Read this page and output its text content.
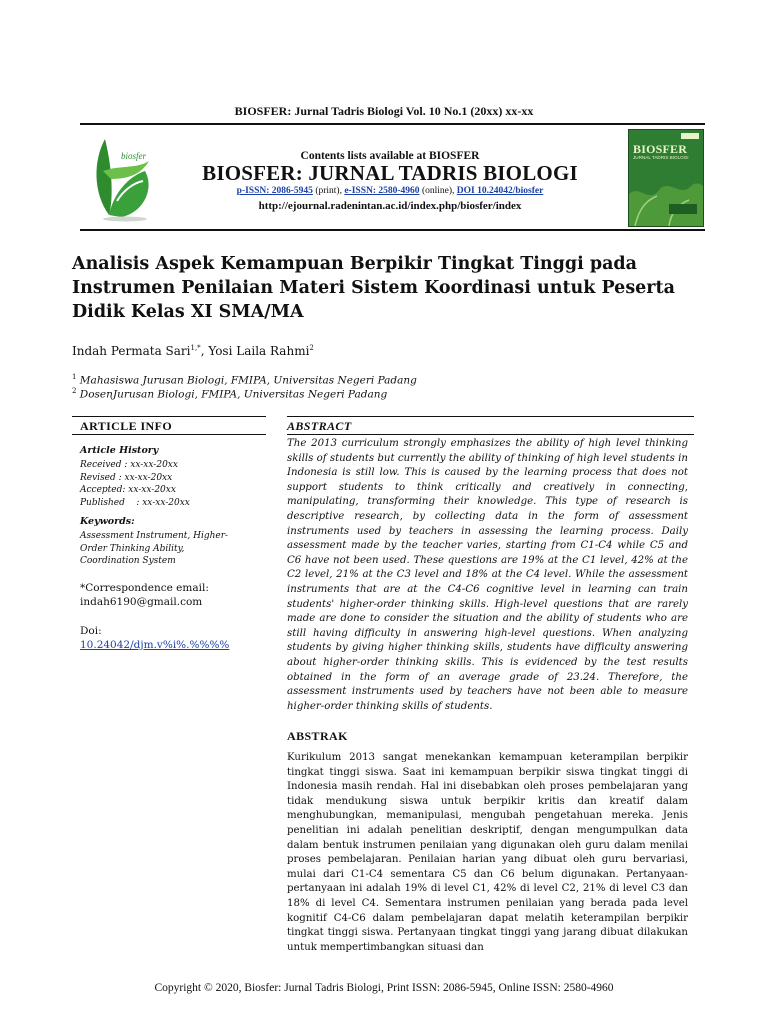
BIOSFER: Jurnal Tadris Biologi Vol. 10 No.1 (20xx) xx-xx
biosfer	Contents lists available at BIOSFER
BIOSFER: JURNAL TADRIS BIOLOGI
p-ISSN: 2086-5945 (print), e-ISSN: 2580-4960 (online), DOI 10.24042/biosfer
http://ejournal.radenintan.ac.id/index.php/biosfer/index
BIOSFER
JURNAL TADRIS BIOLOGI
Analisis Aspek Kemampuan Berpikir Tingkat Tinggi pada
Instrumen Penilaian Materi Sistem Koordinasi untuk Peserta
Didik Kelas XI SMA/MA
Indah Permata Sari$^{1,*}$, Yosi Laila Rahmi$^2$
$^1$ Mahasiswa Jurusan Biologi, FMIPA, Universitas Negeri Padang
$^2$ DosenJurusan Biologi, FMIPA, Universitas Negeri Padang
ARTICLE INFO
Article History
Received : xx-xx-20xx
Revised : xx-xx-20xx
Accepted: xx-xx-20xx
Published    : xx-xx-20xx
Keywords:
Assessment Instrument, Higher-
Order Thinking Ability,
Coordination System
*Correspondence email:
indah6190@gmail.com
Doi:
10.24042/djm.v%i%.%%%%
ABSTRACT
The 2013 curriculum strongly emphasizes the ability of high level thinking skills of students but currently the ability of thinking of high level students in Indonesia is still low. This is caused by the learning process that does not support students to think critically and creatively in connecting, manipulating, transforming their knowledge. This type of research is descriptive research, by collecting data in the form of assessment instruments used by teachers in assessing the learning process. Daily assessment made by the teacher varies, starting from C1-C4 while C5 and C6 have not been used. These questions are 19% at the C1 level, 42% at the C2 level, 21% at the C3 level and 18% at the C4 level. While the assessment instruments that are at the C4-C6 cognitive level in learning can train students' higher-order thinking skills. High-level questions that are rarely made are done to consider the situation and the ability of students who are still having difficulty in answering high-level questions. When analyzing students by giving higher thinking skills, students have difficulty answering about higher-order thinking skills. This is evidenced by the test results obtained in the form of an average grade of 23.24. Therefore, the assessment instruments used by teachers have not been able to measure higher-order thinking skills of students.
ABSTRAK
Kurikulum 2013 sangat menekankan kemampuan keterampilan berpikir tingkat tinggi siswa. Saat ini kemampuan berpikir siswa tingkat tinggi di Indonesia masih rendah. Hal ini disebabkan oleh proses pembelajaran yang tidak mendukung siswa untuk berpikir kritis dan kreatif dalam menghubungkan, memanipulasi, mengubah pengetahuan mereka. Jenis penelitian ini adalah penelitian deskriptif, dengan mengumpulkan data dalam bentuk instrumen penilaian yang digunakan oleh guru dalam menilai proses pembelajaran. Penilaian harian yang dibuat oleh guru bervariasi, mulai dari C1-C4 sementara C5 dan C6 belum digunakan. Pertanyaan-pertanyaan ini adalah 19% di level C1, 42% di level C2, 21% di level C3 dan 18% di level C4. Sementara instrumen penilaian yang berada pada level kognitif C4-C6 dalam pembelajaran dapat melatih keterampilan berpikir tingkat tinggi siswa. Pertanyaan tingkat tinggi yang jarang dibuat dilakukan untuk mempertimbangkan situasi dan
Copyright © 2020, Biosfer: Jurnal Tadris Biologi, Print ISSN: 2086-5945, Online ISSN: 2580-4960
